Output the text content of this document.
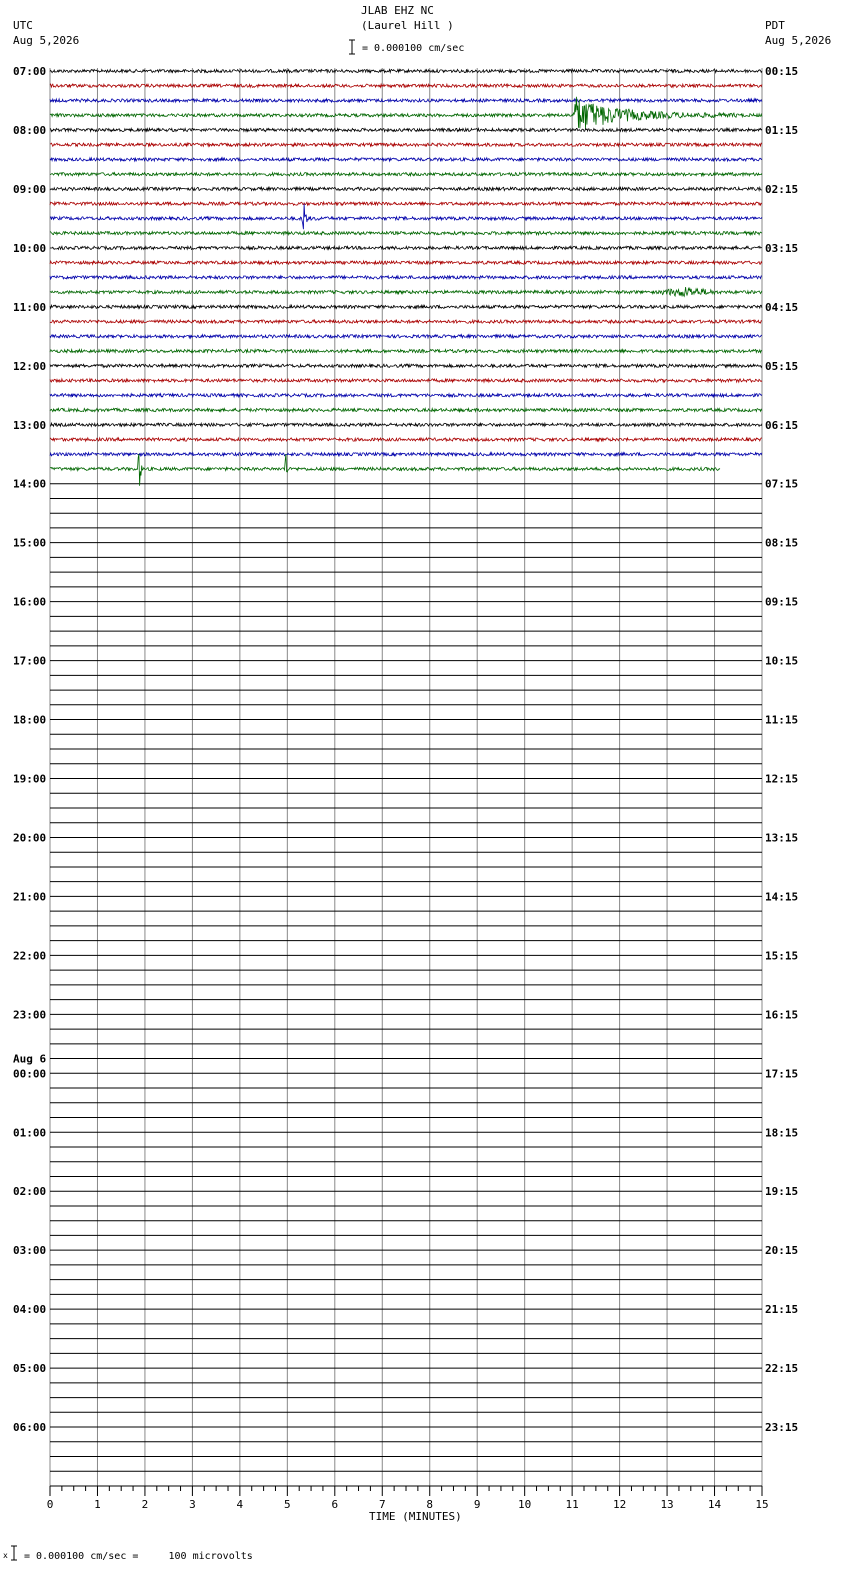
0	1	2	3	4	5	6	7	8	9	10	11	12	13	14	15
07:00	00:15
08:00	01:15
09:00	02:15
10:00	03:15
11:00	04:15
12:00	05:15
13:00	06:15
14:00	07:15
15:00	08:15
16:00	09:15
17:00	10:15
18:00	11:15
19:00	12:15
20:00	13:15
21:00	14:15
22:00	15:15
23:00	16:15
00:00	17:15
Aug 6
01:00	18:15
02:00	19:15
03:00	20:15
04:00	21:15
05:00	22:15
06:00	23:15
x
JLAB EHZ NC
(Laurel Hill )
= 0.000100 cm/sec
UTC
Aug 5,2026
PDT
Aug 5,2026
TIME (MINUTES)
= 0.000100 cm/sec =     100 microvolts
